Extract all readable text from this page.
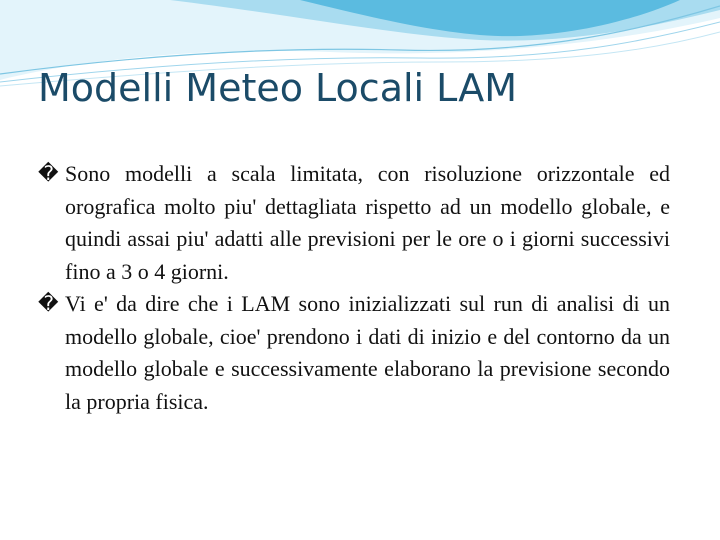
Modelli Meteo Locali LAM
� Sono modelli a scala limitata, con risoluzione orizzontale ed orografica molto piu' dettagliata rispetto ad un modello globale, e quindi assai piu' adatti alle previsioni per le ore o i giorni successivi fino a 3 o 4 giorni.
� Vi e' da dire che i LAM sono inizializzati sul run di analisi di un modello globale, cioe' prendono i dati di inizio e del contorno da un modello globale e successivamente elaborano la previsione secondo la propria fisica.
